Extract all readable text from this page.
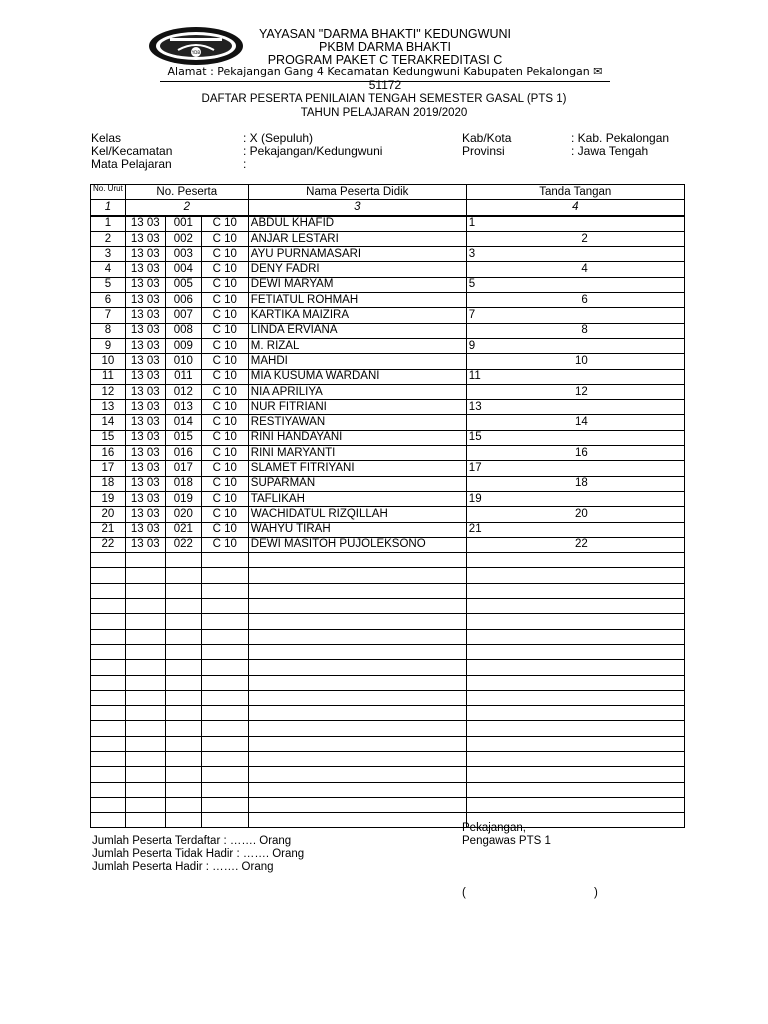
YDB
YAYASAN "DARMA BHAKTI" KEDUNGWUNI
PKBM DARMA BHAKTI
PROGRAM PAKET C TERAKREDITASI C
Alamat : Pekajangan Gang 4 Kecamatan Kedungwuni Kabupaten Pekalongan ✉ 51172
DAFTAR PESERTA PENILAIAN TENGAH SEMESTER GASAL (PTS 1)
TAHUN PELAJARAN 2019/2020
Kelas	: X (Sepuluh)
Kel/Kecamatan	: Pekajangan/Kedungwuni
Mata Pelajaran	:
Kab/Kota	: Kab. Pekalongan
Provinsi	: Jawa Tengah
No. Urut	No. Peserta			Nama Peserta Didik	Tanda Tangan
1	2			3	4
1	13 03	001	C 10	ABDUL KHAFID	1
2	13 03	002	C 10	ANJAR LESTARI	2
3	13 03	003	C 10	AYU PURNAMASARI	3
4	13 03	004	C 10	DENY FADRI	4
5	13 03	005	C 10	DEWI MARYAM	5
6	13 03	006	C 10	FETIATUL ROHMAH	6
7	13 03	007	C 10	KARTIKA MAIZIRA	7
8	13 03	008	C 10	LINDA ERVIANA	8
9	13 03	009	C 10	M. RIZAL	9
10	13 03	010	C 10	MAHDI	10
11	13 03	011	C 10	MIA KUSUMA WARDANI	11
12	13 03	012	C 10	NIA APRILIYA	12
13	13 03	013	C 10	NUR FITRIANI	13
14	13 03	014	C 10	RESTIYAWAN	14
15	13 03	015	C 10	RINI HANDAYANI	15
16	13 03	016	C 10	RINI MARYANTI	16
17	13 03	017	C 10	SLAMET FITRIYANI	17
18	13 03	018	C 10	SUPARMAN	18
19	13 03	019	C 10	TAFLIKAH	19
20	13 03	020	C 10	WACHIDATUL RIZQILLAH	20
21	13 03	021	C 10	WAHYU TIRAH	21
22	13 03	022	C 10	DEWI MASITOH PUJOLEKSONO	22

Jumlah Peserta Terdaftar : ……. Orang
Jumlah Peserta Tidak Hadir : ……. Orang
Jumlah Peserta Hadir : ……. Orang
Pekajangan,
Pengawas PTS 1
(	)
